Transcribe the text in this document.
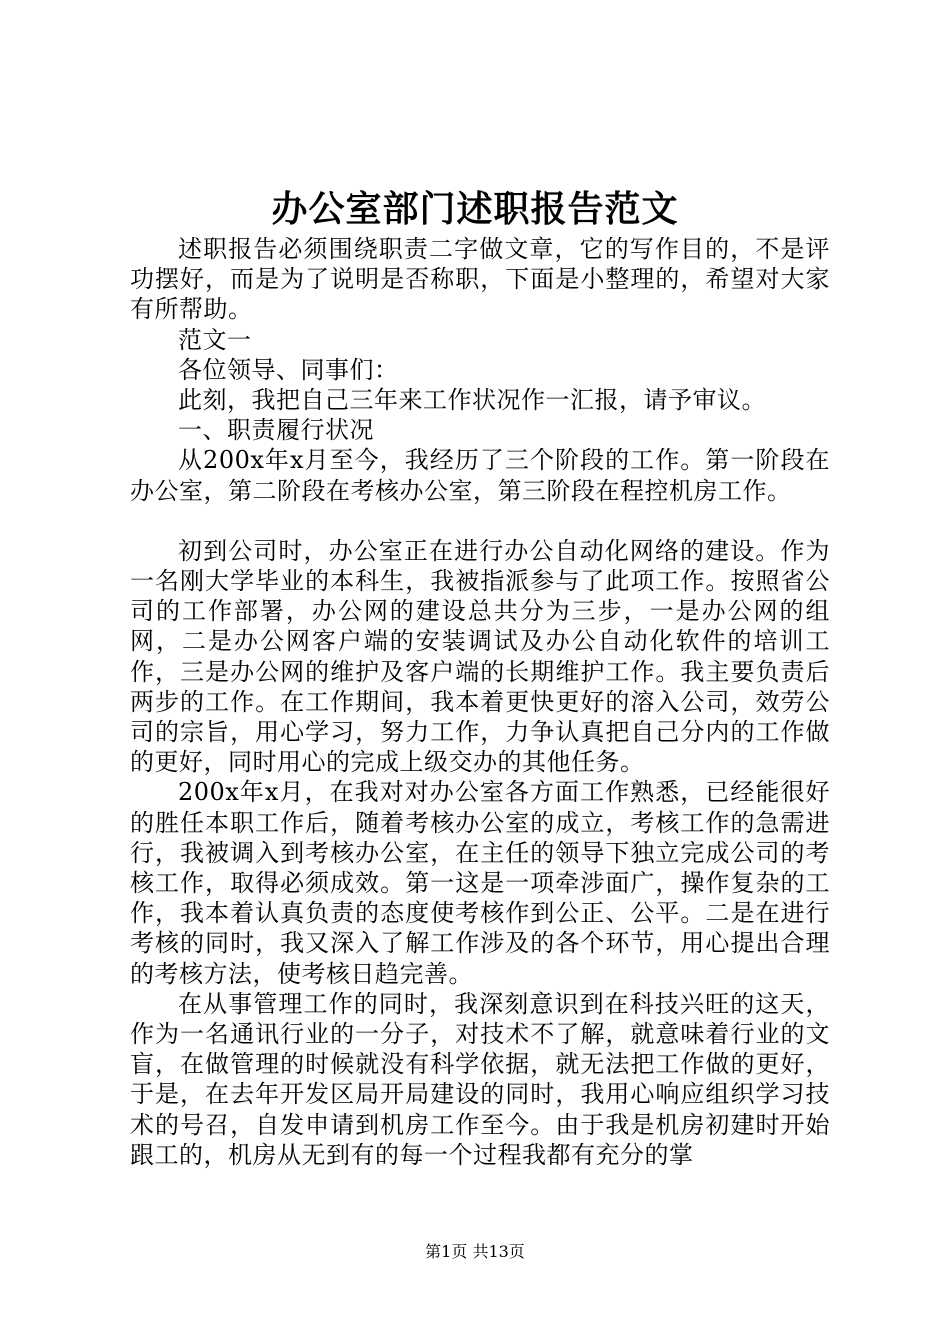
办公室部门述职报告范文

述职报告必须围绕职责二字做文章，它的写作目的，不是评功摆好，而是为了说明是否称职，下面是小整理的，希望对大家有所帮助。

范文一

各位领导、同事们：

此刻，我把自己三年来工作状况作一汇报，请予审议。

一、职责履行状况

从200x年x月至今，我经历了三个阶段的工作。第一阶段在办公室，第二阶段在考核办公室，第三阶段在程控机房工作。

初到公司时，办公室正在进行办公自动化网络的建设。作为一名刚大学毕业的本科生，我被指派参与了此项工作。按照省公司的工作部署，办公网的建设总共分为三步，一是办公网的组网，二是办公网客户端的安装调试及办公自动化软件的培训工作，三是办公网的维护及客户端的长期维护工作。我主要负责后两步的工作。在工作期间，我本着更快更好的溶入公司，效劳公司的宗旨，用心学习，努力工作，力争认真把自己分内的工作做的更好，同时用心的完成上级交办的其他任务。

200x年x月，在我对对办公室各方面工作熟悉，已经能很好的胜任本职工作后，随着考核办公室的成立，考核工作的急需进行，我被调入到考核办公室，在主任的领导下独立完成公司的考核工作，取得必须成效。第一这是一项牵涉面广，操作复杂的工作，我本着认真负责的态度使考核作到公正、公平。二是在进行考核的同时，我又深入了解工作涉及的各个环节，用心提出合理的考核方法，使考核日趋完善。

在从事管理工作的同时，我深刻意识到在科技兴旺的这天，作为一名通讯行业的一分子，对技术不了解，就意味着行业的文盲，在做管理的时候就没有科学依据，就无法把工作做的更好，于是，在去年开发区局开局建设的同时，我用心响应组织学习技术的号召，自发申请到机房工作至今。由于我是机房初建时开始跟工的，机房从无到有的每一个过程我都有充分的掌

第1页 共13页
